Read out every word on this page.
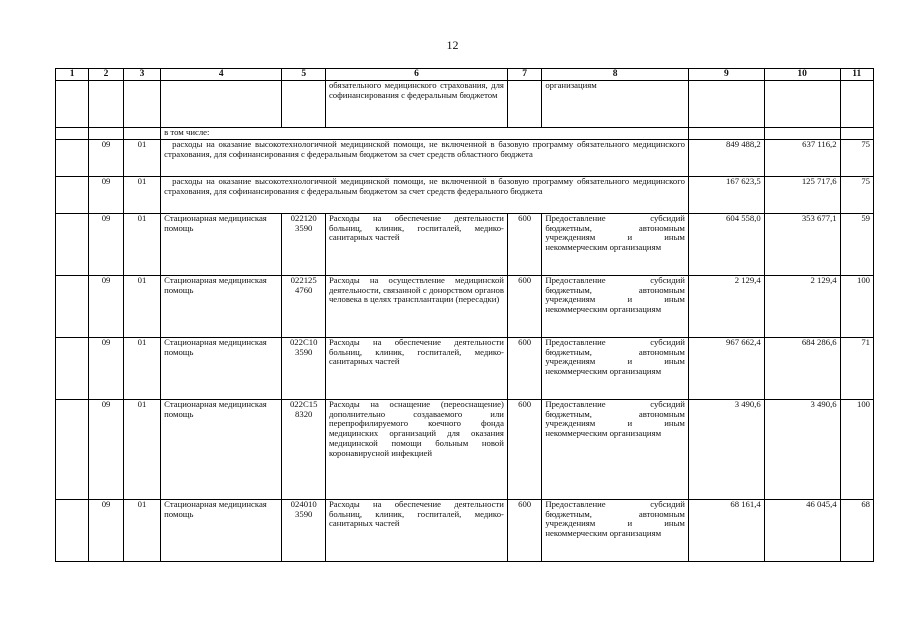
12
1	2	3	4	5	6	7	8	9	10	11
					обязательного медицинского страхования, для софинансирования с федеральным бюджетом		организациям			
			в том числе:							
	09	01	расходы на оказание высокотехнологичной медицинской помощи, не включенной в базовую программу обязательного медицинского страхования, для софинансирования с федеральным бюджетом за счет средств областного бюджета					849 488,2	637 116,2	75
	09	01	расходы на оказание высокотехнологичной медицинской помощи, не включенной в базовую программу обязательного медицинского страхования, для софинансирования с федеральным бюджетом за счет средств федерального бюджета					167 623,5	125 717,6	75
	09	01	Стационарная медицинская помощь	022120 3590	Расходы на обеспечение деятельности больниц, клиник, госпиталей, медико-санитарных частей	600	Предоставление субсидий бюджетным, автономным учреждениям и иным некоммерческим организациям	604 558,0	353 677,1	59
	09	01	Стационарная медицинская помощь	022125 4760	Расходы на осуществление медицинской деятельности, связанной с донорством органов человека в целях трансплантации (пересадки)	600	Предоставление субсидий бюджетным, автономным учреждениям и иным некоммерческим организациям	2 129,4	2 129,4	100
	09	01	Стационарная медицинская помощь	022С10 3590	Расходы на обеспечение деятельности больниц, клиник, госпиталей, медико-санитарных частей	600	Предоставление субсидий бюджетным, автономным учреждениям и иным некоммерческим организациям	967 662,4	684 286,6	71
	09	01	Стационарная медицинская помощь	022С15 8320	Расходы на оснащение (переоснащение) дополнительно создаваемого или перепрофилируемого коечного фонда медицинских организаций для оказания медицинской помощи больным новой коронавирусной инфекцией	600	Предоставление субсидий бюджетным, автономным учреждениям и иным некоммерческим организациям	3 490,6	3 490,6	100
	09	01	Стационарная медицинская помощь	024010 3590	Расходы на обеспечение деятельности больниц, клиник, госпиталей, медико-санитарных частей	600	Предоставление субсидий бюджетным, автономным учреждениям и иным некоммерческим организациям	68 161,4	46 045,4	68
